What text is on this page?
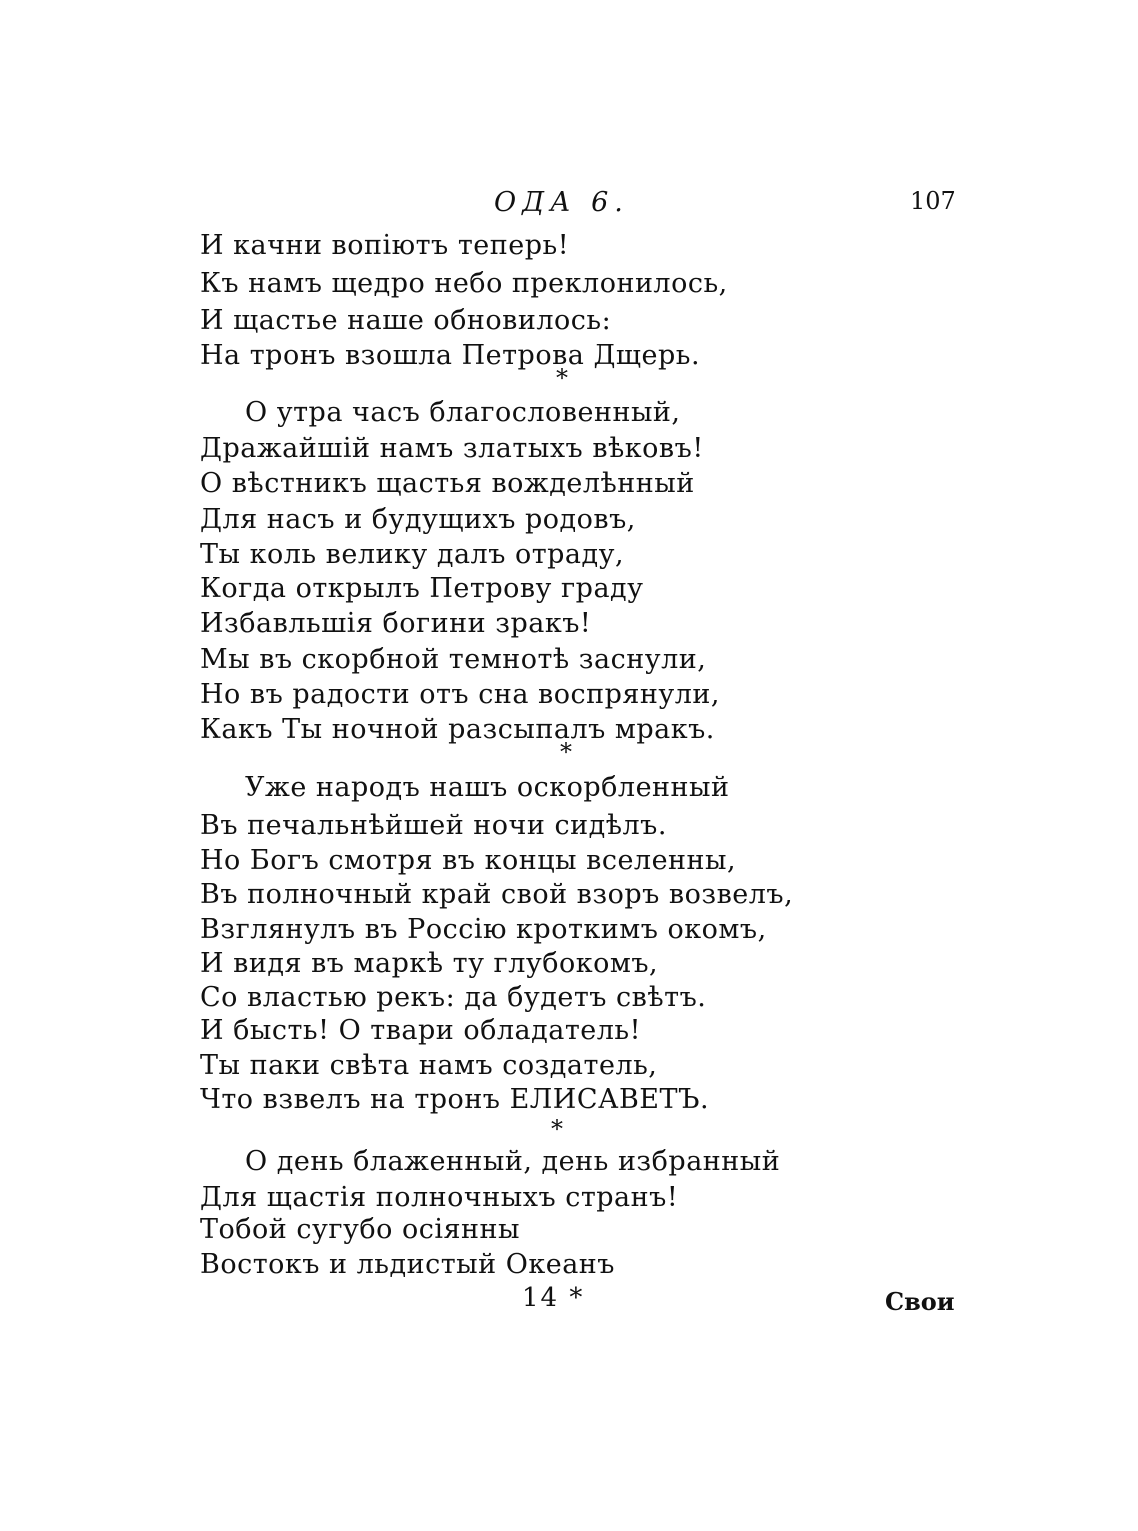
ОДА 6.	107
И качни вопіютъ теперь!
Къ намъ щедро небо преклонилось,
И щастье наше обновилось:
На тронъ взошла Петрова Дщерь.
*
О утра часъ благословенный,
Дражайшій намъ златыхъ вѣковъ!
О вѣстникъ щастья вожделѣнный
Для насъ и будущихъ родовъ,
Ты коль велику далъ отраду,
Когда открылъ Петрову граду
Избавльшія богини зракъ!
Мы въ скорбной темнотѣ заснули,
Но въ радости отъ сна воспрянули,
Какъ Ты ночной разсыпалъ мракъ.
*
Уже народъ нашъ оскорбленный
Въ печальнѣйшей ночи сидѣлъ.
Но Богъ смотря въ концы вселенны,
Въ полночный край свой взоръ возвелъ,
Взглянулъ въ Россію кроткимъ окомъ,
И видя въ маркѣ ту глубокомъ,
Со властью рекъ: да будетъ свѣтъ.
И бысть! О твари обладатель!
Ты паки свѣта намъ создатель,
Что взвелъ на тронъ ЕЛИСАВЕТЪ.
*
О день блаженный, день избранный
Для щастія полночныхъ странъ!
Тобой сугубо осіянны
Востокъ и льдистый Океанъ
14 *	Свои
